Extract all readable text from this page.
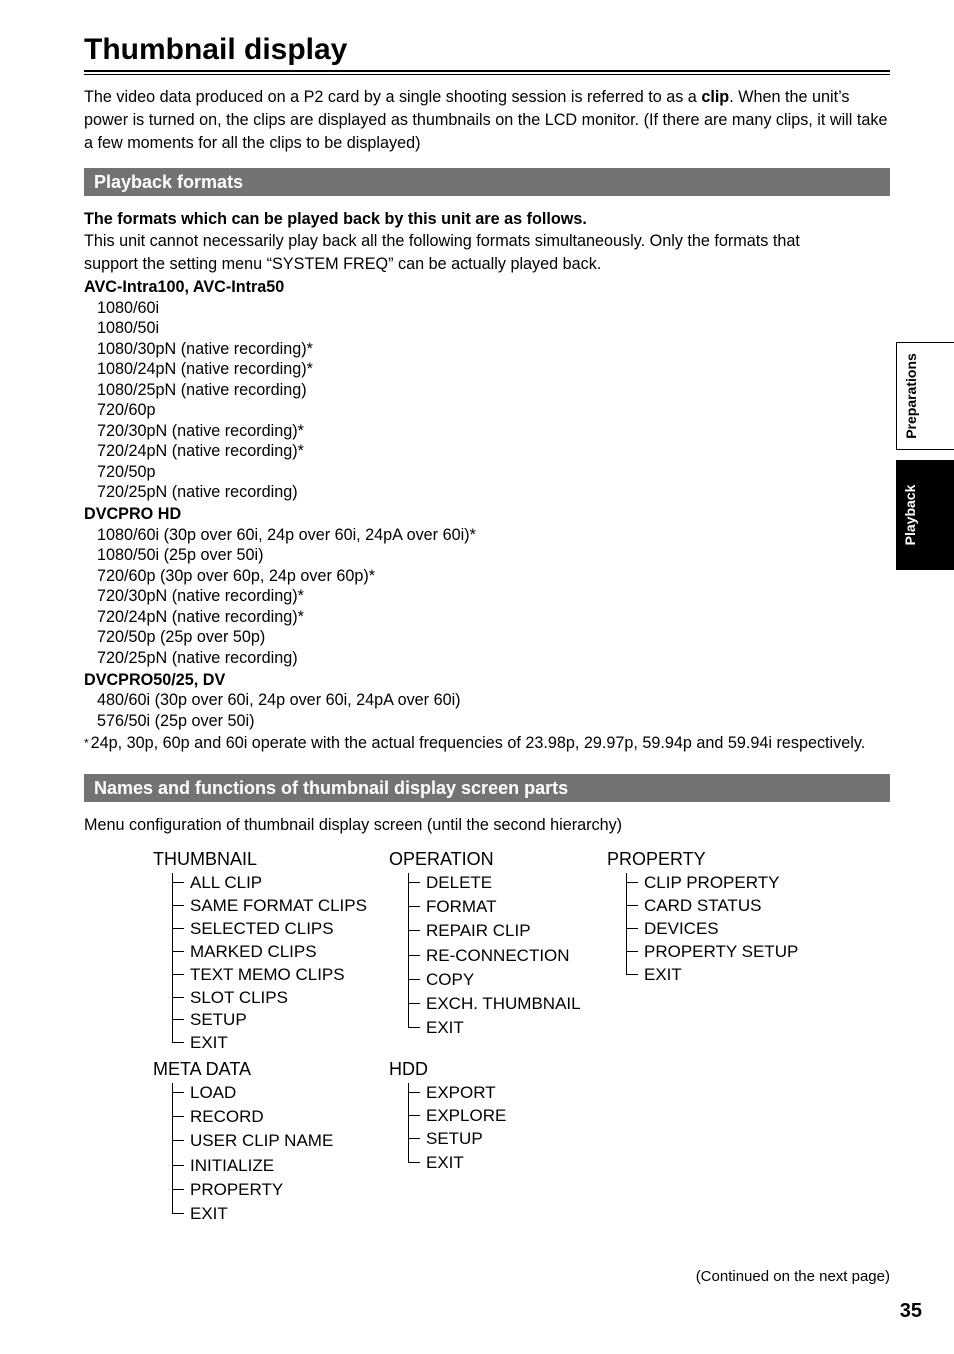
Thumbnail display

The video data produced on a P2 card by a single shooting session is referred to as a clip. When the unit’s power is turned on, the clips are displayed as thumbnails on the LCD monitor. (If there are many clips, it will take a few moments for all the clips to be displayed)

Playback formats
The formats which can be played back by this unit are as follows.
This unit cannot necessarily play back all the following formats simultaneously. Only the formats that
support the setting menu “SYSTEM FREQ” can be actually played back.
AVC-Intra100, AVC-Intra50
1080/60i
1080/50i
1080/30pN (native recording)*
1080/24pN (native recording)*
1080/25pN (native recording)
720/60p
720/30pN (native recording)*
720/24pN (native recording)*
720/50p
720/25pN (native recording)
DVCPRO HD
1080/60i (30p over 60i, 24p over 60i, 24pA over 60i)*
1080/50i (25p over 50i)
720/60p (30p over 60p, 24p over 60p)*
720/30pN (native recording)*
720/24pN (native recording)*
720/50p (25p over 50p)
720/25pN (native recording)
DVCPRO50/25, DV
480/60i (30p over 60i, 24p over 60i, 24pA over 60i)
576/50i (25p over 50i)
* 24p, 30p, 60p and 60i operate with the actual frequencies of 23.98p, 29.97p, 59.94p and 59.94i respectively.
Names and functions of thumbnail display screen parts
Menu configuration of thumbnail display screen (until the second hierarchy)
THUMBNAIL
ALL CLIP
SAME FORMAT CLIPS
SELECTED CLIPS
MARKED CLIPS
TEXT MEMO CLIPS
SLOT CLIPS
SETUP
EXIT
OPERATION
DELETE
FORMAT
REPAIR CLIP
RE-CONNECTION
COPY
EXCH. THUMBNAIL
EXIT
PROPERTY
CLIP PROPERTY
CARD STATUS
DEVICES
PROPERTY SETUP
EXIT
META DATA
LOAD
RECORD
USER CLIP NAME
INITIALIZE
PROPERTY
EXIT
HDD
EXPORT
EXPLORE
SETUP
EXIT
Preparations
Playback
(Continued on the next page)
35
